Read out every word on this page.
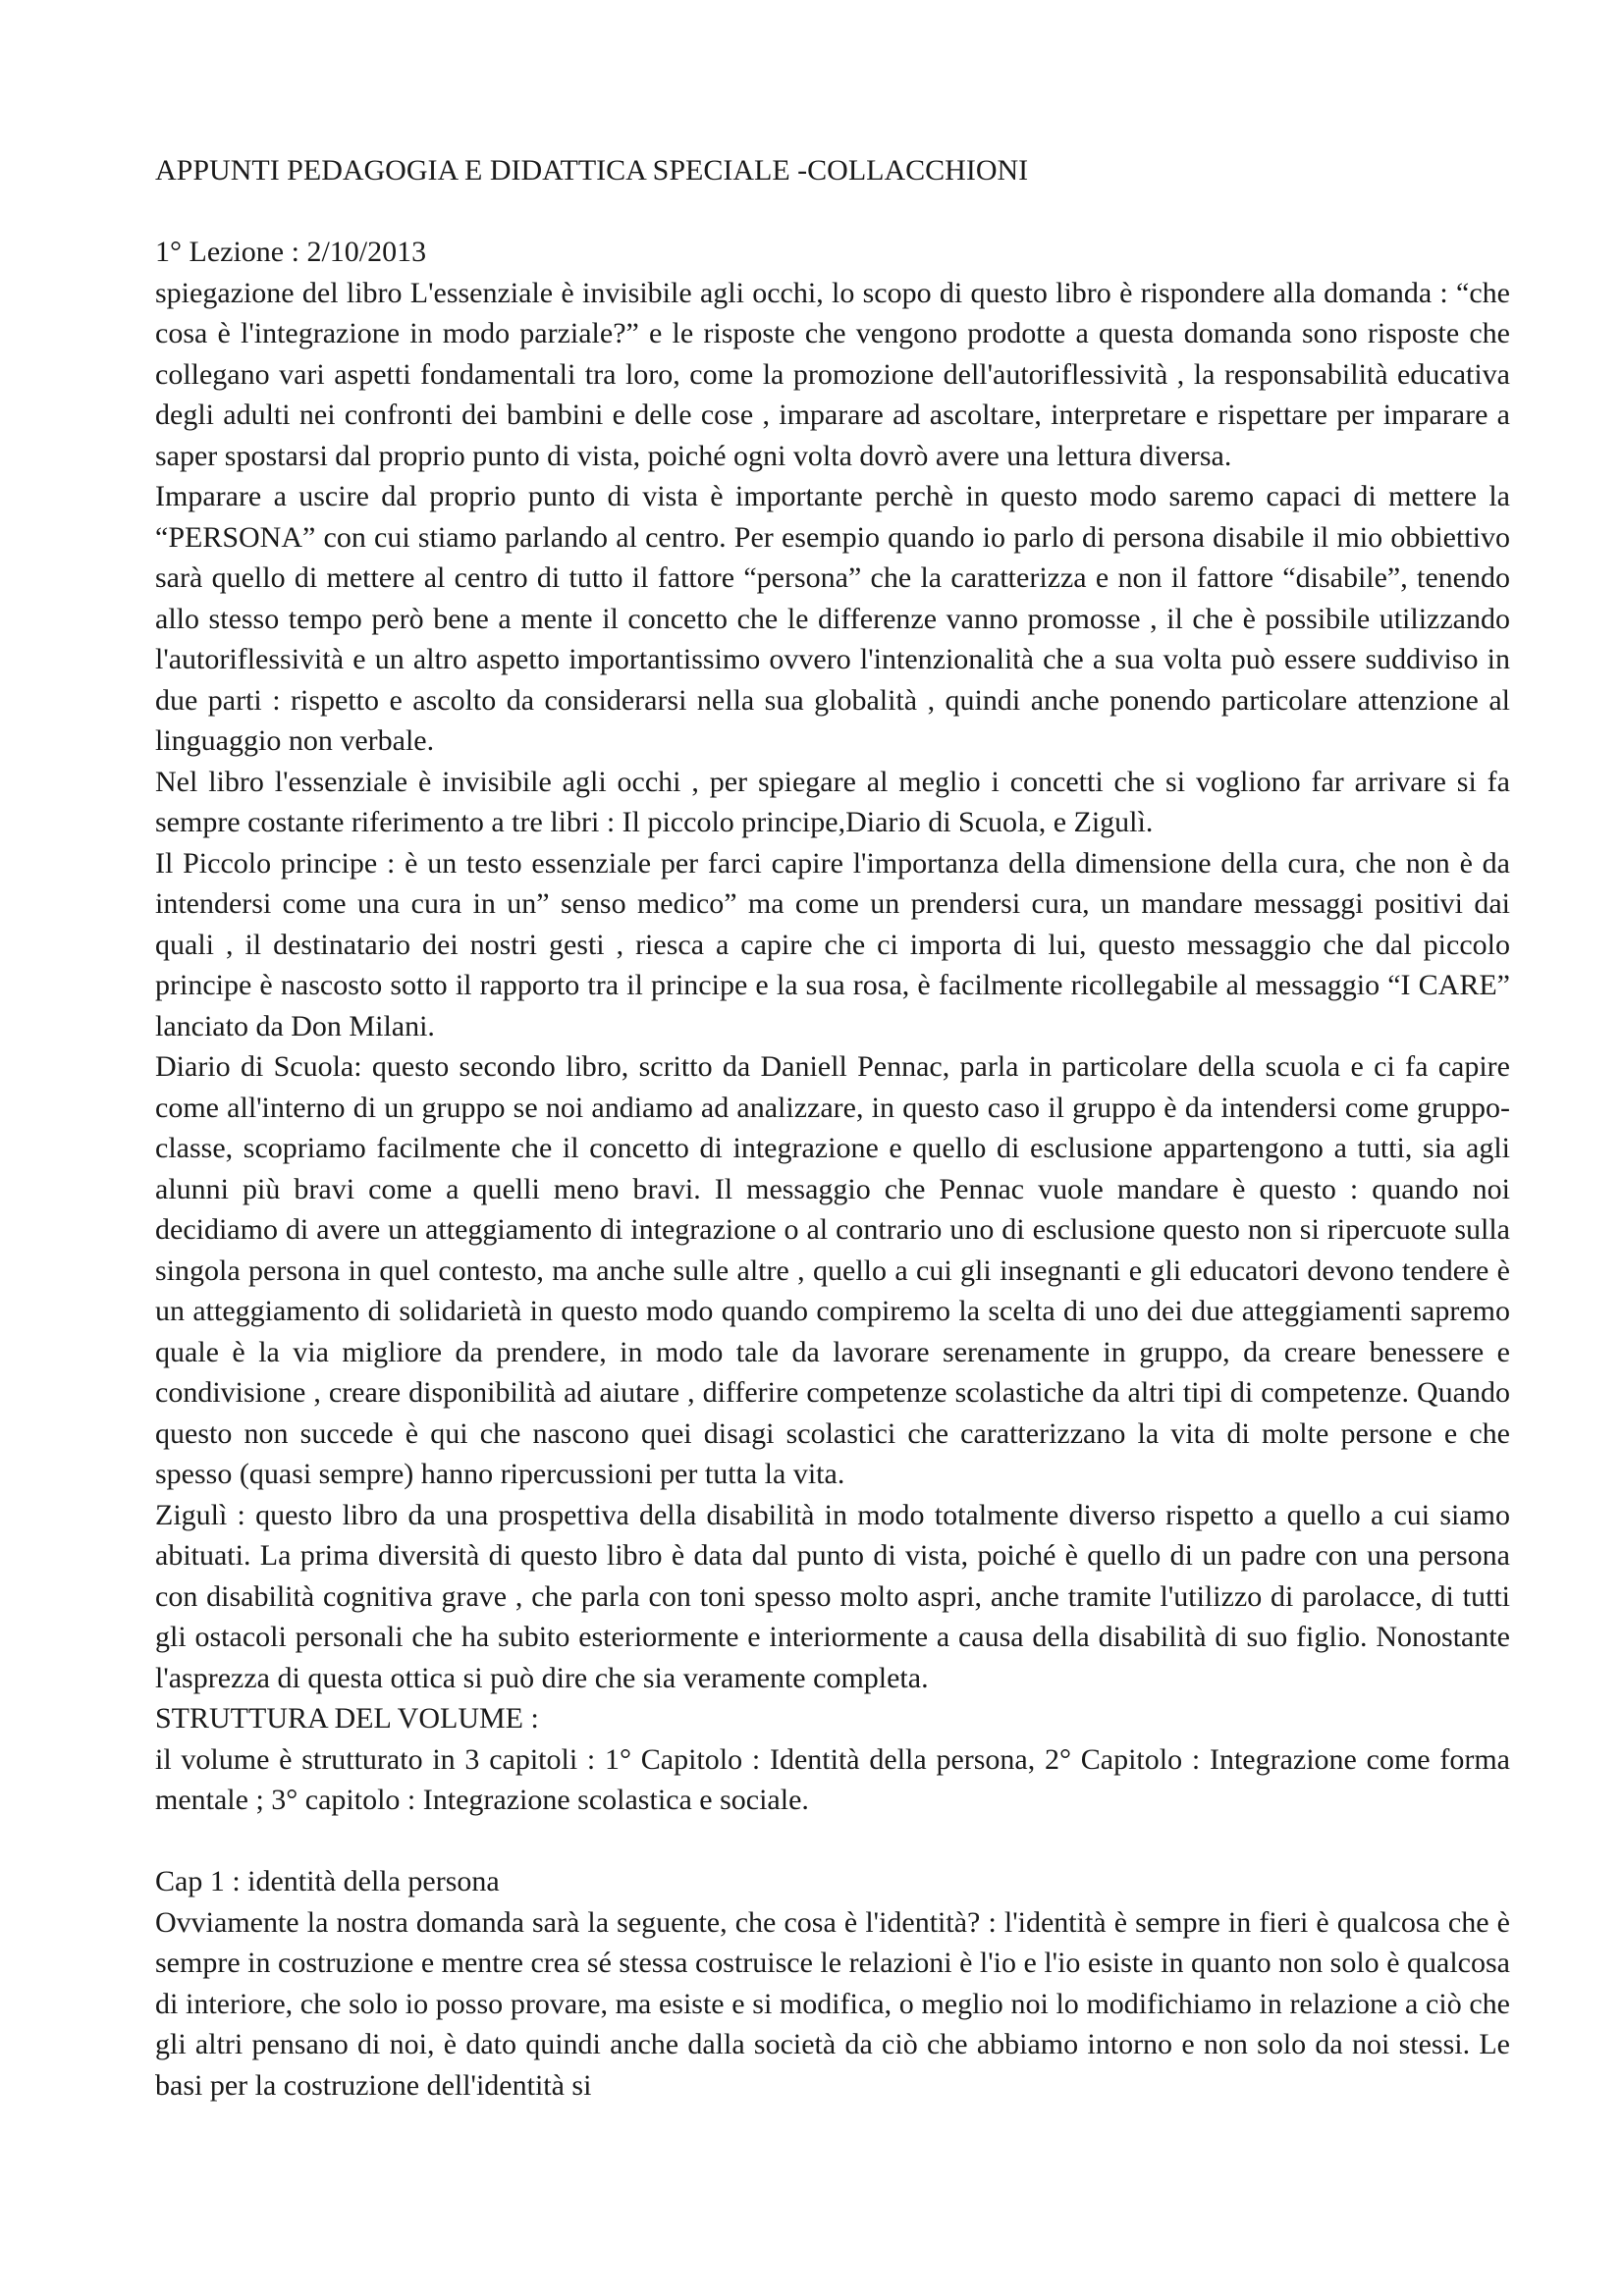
APPUNTI PEDAGOGIA E DIDATTICA SPECIALE -COLLACCHIONI

1° Lezione : 2/10/2013

spiegazione del libro L'essenziale è invisibile agli occhi, lo scopo di questo libro è rispondere alla domanda : “che cosa è l'integrazione in modo parziale?” e le risposte che vengono prodotte a questa domanda sono risposte che collegano vari aspetti fondamentali tra loro, come la promozione dell'autoriflessività , la responsabilità educativa degli adulti nei confronti dei bambini e delle cose , imparare ad ascoltare, interpretare e rispettare per imparare a saper spostarsi dal proprio punto di vista, poiché ogni volta dovrò avere una lettura diversa.

Imparare a uscire dal proprio punto di vista è importante perchè in questo modo saremo capaci di mettere la “PERSONA” con cui stiamo parlando al centro. Per esempio quando io parlo di persona disabile il mio obbiettivo sarà quello di mettere al centro di tutto il fattore “persona” che la caratterizza e non il fattore “disabile”, tenendo allo stesso tempo però bene a mente il concetto che le differenze vanno promosse , il che è possibile utilizzando l'autoriflessività e un altro aspetto importantissimo ovvero l'intenzionalità che a sua volta può essere suddiviso in due parti : rispetto e ascolto da considerarsi nella sua globalità , quindi anche ponendo particolare attenzione al linguaggio non verbale.

Nel libro l'essenziale è invisibile agli occhi , per spiegare al meglio i concetti che si vogliono far arrivare si fa sempre costante riferimento a tre libri : Il piccolo principe,Diario di Scuola, e Zigulì.

Il Piccolo principe : è un testo essenziale per farci capire l'importanza della dimensione della cura, che non è da intendersi come una cura in un” senso medico” ma come un prendersi cura, un mandare messaggi positivi dai quali , il destinatario dei nostri gesti , riesca a capire che ci importa di lui, questo messaggio che dal piccolo principe è nascosto sotto il rapporto tra il principe e la sua rosa, è facilmente ricollegabile al messaggio “I CARE” lanciato da Don Milani.

Diario di Scuola: questo secondo libro, scritto da Daniell Pennac, parla in particolare della scuola e ci fa capire come all'interno di un gruppo se noi andiamo ad analizzare, in questo caso il gruppo è da intendersi come gruppo-classe, scopriamo facilmente che il concetto di integrazione e quello di esclusione appartengono a tutti, sia agli alunni più bravi come a quelli meno bravi. Il messaggio che Pennac vuole mandare è questo : quando noi decidiamo di avere un atteggiamento di integrazione o al contrario uno di esclusione questo non si ripercuote sulla singola persona in quel contesto, ma anche sulle altre , quello a cui gli insegnanti e gli educatori devono tendere è un atteggiamento di solidarietà in questo modo quando compiremo la scelta di uno dei due atteggiamenti sapremo quale è la via migliore da prendere, in modo tale da lavorare serenamente in gruppo, da creare benessere e condivisione , creare disponibilità ad aiutare , differire competenze scolastiche da altri tipi di competenze. Quando questo non succede è qui che nascono quei disagi scolastici che caratterizzano la vita di molte persone e che spesso (quasi sempre) hanno ripercussioni per tutta la vita.

Zigulì : questo libro da una prospettiva della disabilità in modo totalmente diverso rispetto a quello a cui siamo abituati. La prima diversità di questo libro è data dal punto di vista, poiché è quello di un padre con una persona con disabilità cognitiva grave , che parla con toni spesso molto aspri, anche tramite l'utilizzo di parolacce, di tutti gli ostacoli personali che ha subito esteriormente e interiormente a causa della disabilità di suo figlio. Nonostante l'asprezza di questa ottica si può dire che sia veramente completa.

STRUTTURA DEL VOLUME :

il volume è strutturato in 3 capitoli : 1° Capitolo : Identità della persona, 2° Capitolo : Integrazione come forma mentale ; 3° capitolo : Integrazione scolastica e sociale.

Cap 1 : identità della persona

Ovviamente la nostra domanda sarà la seguente, che cosa è l'identità? : l'identità è sempre in fieri è qualcosa che è sempre in costruzione e mentre crea sé stessa costruisce le relazioni è l'io e l'io esiste in quanto non solo è qualcosa di interiore, che solo io posso provare, ma esiste e si modifica, o meglio noi lo modifichiamo in relazione a ciò che gli altri pensano di noi, è dato quindi anche dalla società da ciò che abbiamo intorno e non solo da noi stessi. Le basi per la costruzione dell'identità si
